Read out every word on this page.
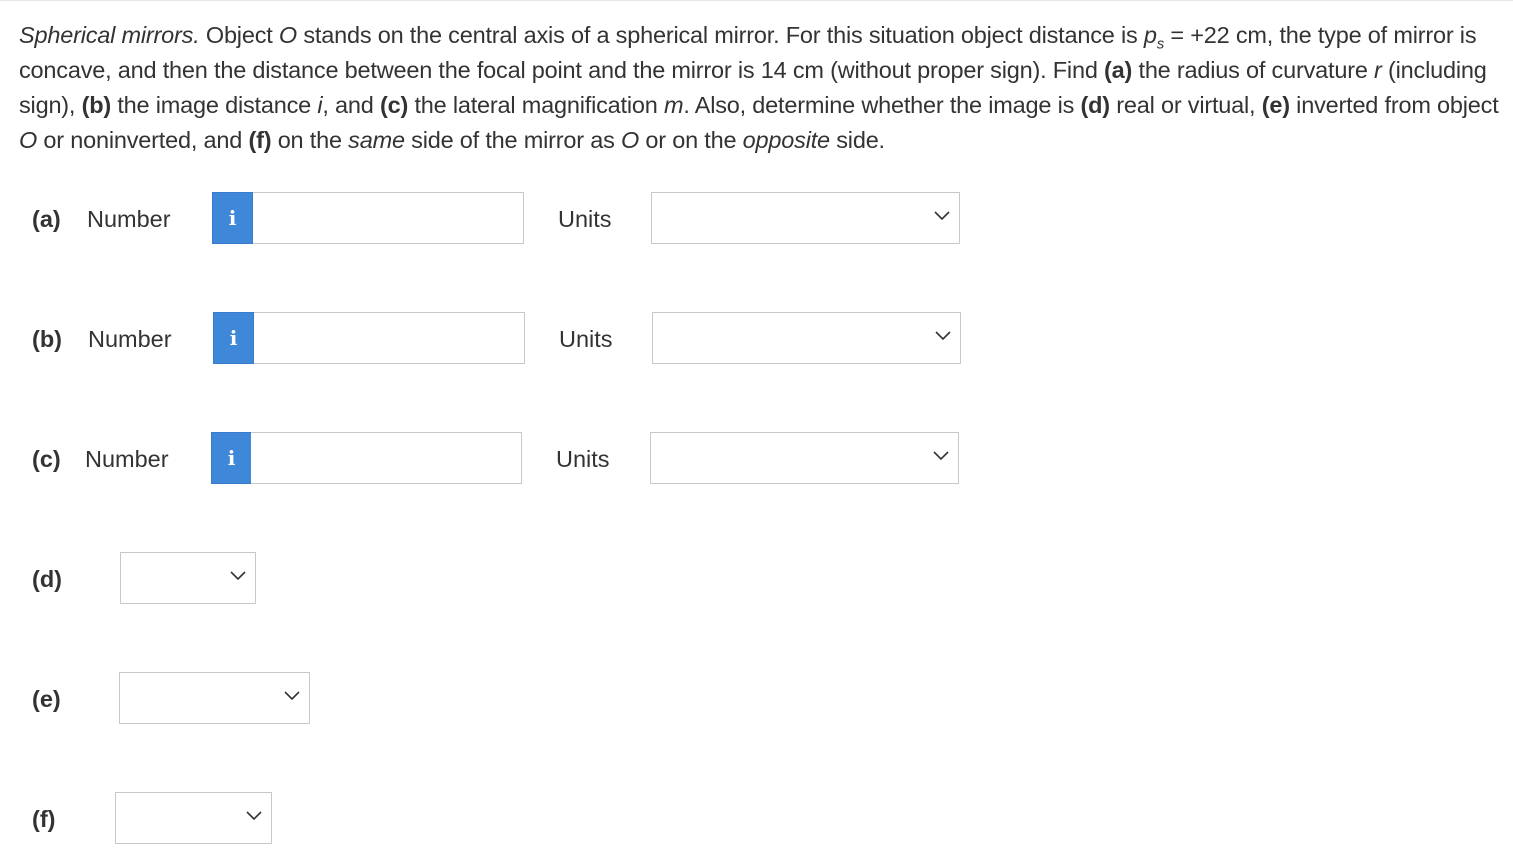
Spherical mirrors. Object O stands on the central axis of a spherical mirror. For this situation object distance is $p_s = +22$ cm, the type of mirror is concave, and then the distance between the focal point and the mirror is 14 cm (without proper sign). Find (a) the radius of curvature r (including sign), (b) the image distance i, and (c) the lateral magnification m. Also, determine whether the image is (d) real or virtual, (e) inverted from object O or noninverted, and (f) on the same side of the mirror as O or on the opposite side.

(a) Number	i	Units
(b) Number	i	Units
(c) Number	i	Units
(d)
(e)
(f)
